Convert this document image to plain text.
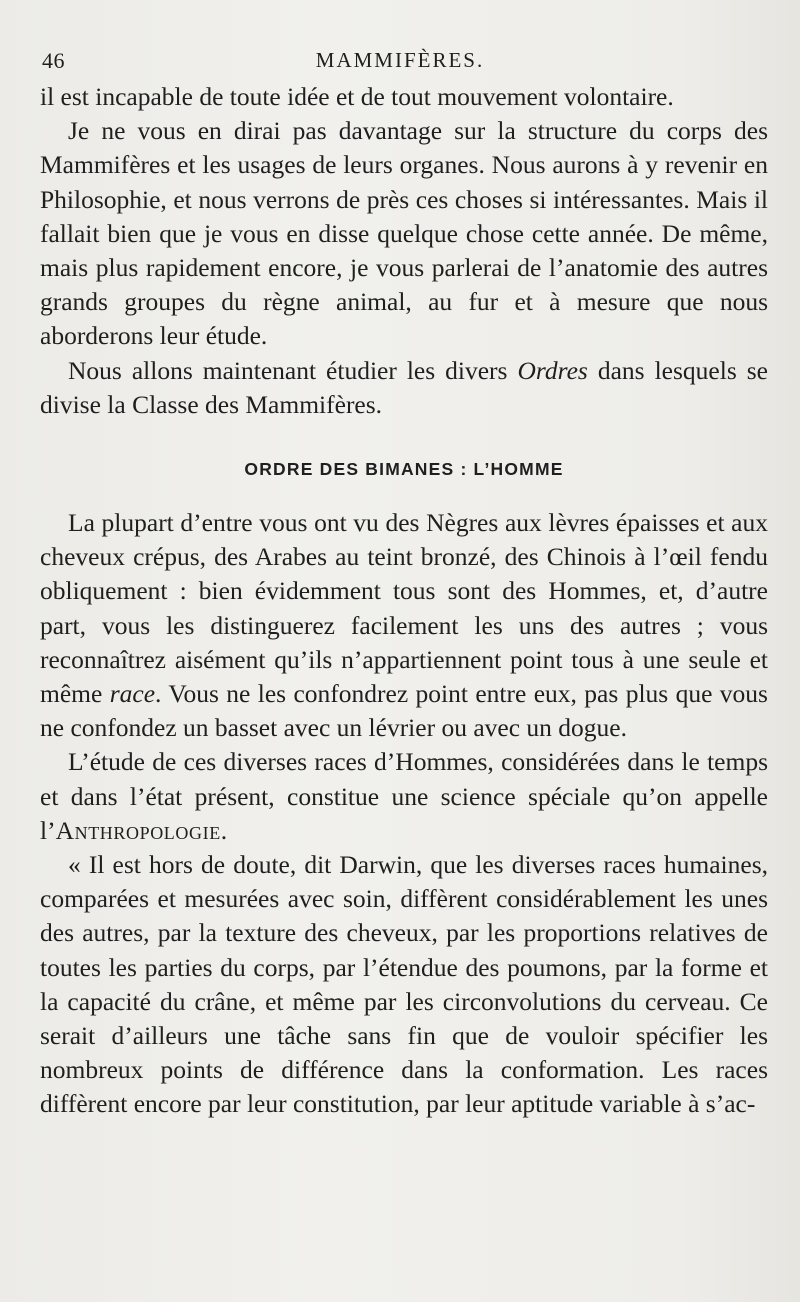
46	MAMMIFÈRES.

il est incapable de toute idée et de tout mouvement volontaire.

Je ne vous en dirai pas davantage sur la structure du corps des Mammifères et les usages de leurs organes. Nous aurons à y revenir en Philosophie, et nous verrons de près ces choses si intéressantes. Mais il fallait bien que je vous en disse quelque chose cette année. De même, mais plus rapidement encore, je vous parlerai de l’anatomie des autres grands groupes du règne animal, au fur et à mesure que nous aborderons leur étude.

Nous allons maintenant étudier les divers Ordres dans lesquels se divise la Classe des Mammifères.

ORDRE DES BIMANES : L’HOMME

La plupart d’entre vous ont vu des Nègres aux lèvres épaisses et aux cheveux crépus, des Arabes au teint bronzé, des Chinois à l’œil fendu obliquement : bien évidemment tous sont des Hommes, et, d’autre part, vous les distinguerez facilement les uns des autres ; vous reconnaîtrez aisément qu’ils n’appartiennent point tous à une seule et même race. Vous ne les confondrez point entre eux, pas plus que vous ne confondez un basset avec un lévrier ou avec un dogue.

L’étude de ces diverses races d’Hommes, considérées dans le temps et dans l’état présent, constitue une science spéciale qu’on appelle l’Anthropologie.

« Il est hors de doute, dit Darwin, que les diverses races humaines, comparées et mesurées avec soin, diffèrent considérablement les unes des autres, par la texture des cheveux, par les proportions relatives de toutes les parties du corps, par l’étendue des poumons, par la forme et la capacité du crâne, et même par les circonvolutions du cerveau. Ce serait d’ailleurs une tâche sans fin que de vouloir spécifier les nombreux points de différence dans la conformation. Les races diffèrent encore par leur constitution, par leur aptitude variable à s’ac-
